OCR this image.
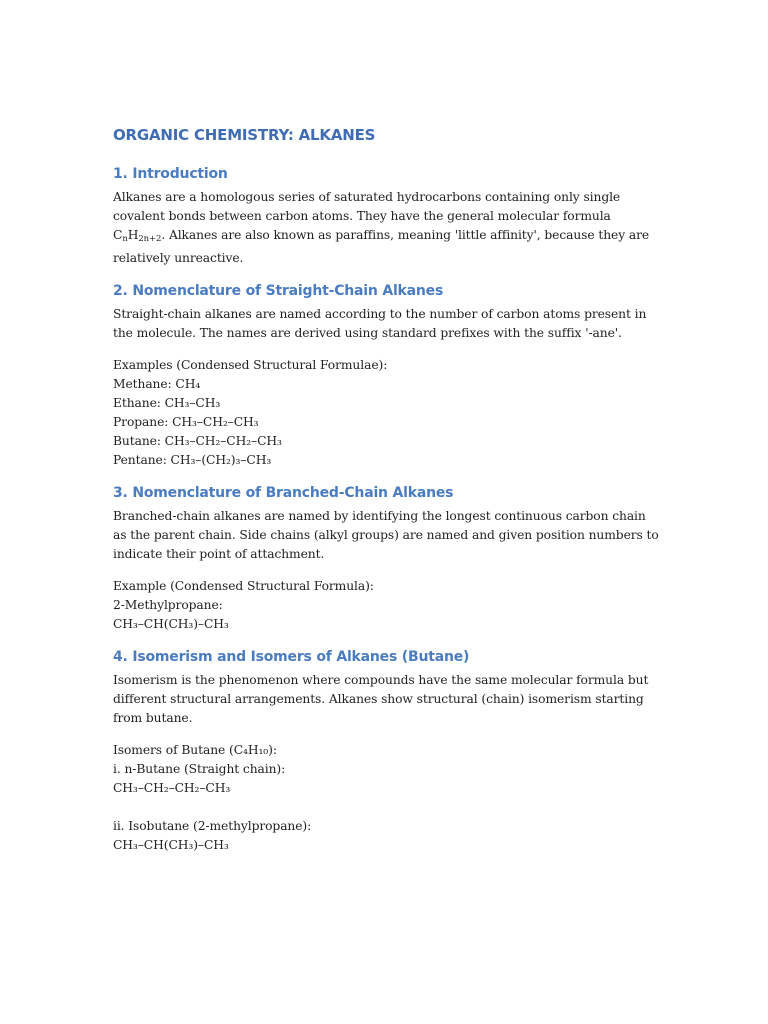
ORGANIC CHEMISTRY: ALKANES
1. Introduction

Alkanes are a homologous series of saturated hydrocarbons containing only single covalent bonds between carbon atoms. They have the general molecular formula $C_nH_{2n+2}$. Alkanes are also known as paraffins, meaning 'little affinity', because they are relatively unreactive.

2. Nomenclature of Straight-Chain Alkanes

Straight-chain alkanes are named according to the number of carbon atoms present in the molecule. The names are derived using standard prefixes with the suffix '-ane'.

Examples (Condensed Structural Formulae):
Methane: CH₄
Ethane: CH₃–CH₃
Propane: CH₃–CH₂–CH₃
Butane: CH₃–CH₂–CH₂–CH₃
Pentane: CH₃–(CH₂)₃–CH₃
3. Nomenclature of Branched-Chain Alkanes

Branched-chain alkanes are named by identifying the longest continuous carbon chain as the parent chain. Side chains (alkyl groups) are named and given position numbers to indicate their point of attachment.

Example (Condensed Structural Formula):
2-Methylpropane:
CH₃–CH(CH₃)–CH₃
4. Isomerism and Isomers of Alkanes (Butane)

Isomerism is the phenomenon where compounds have the same molecular formula but different structural arrangements. Alkanes show structural (chain) isomerism starting from butane.

Isomers of Butane (C₄H₁₀):
i. n-Butane (Straight chain):
CH₃–CH₂–CH₂–CH₃
ii. Isobutane (2-methylpropane):
CH₃–CH(CH₃)–CH₃
